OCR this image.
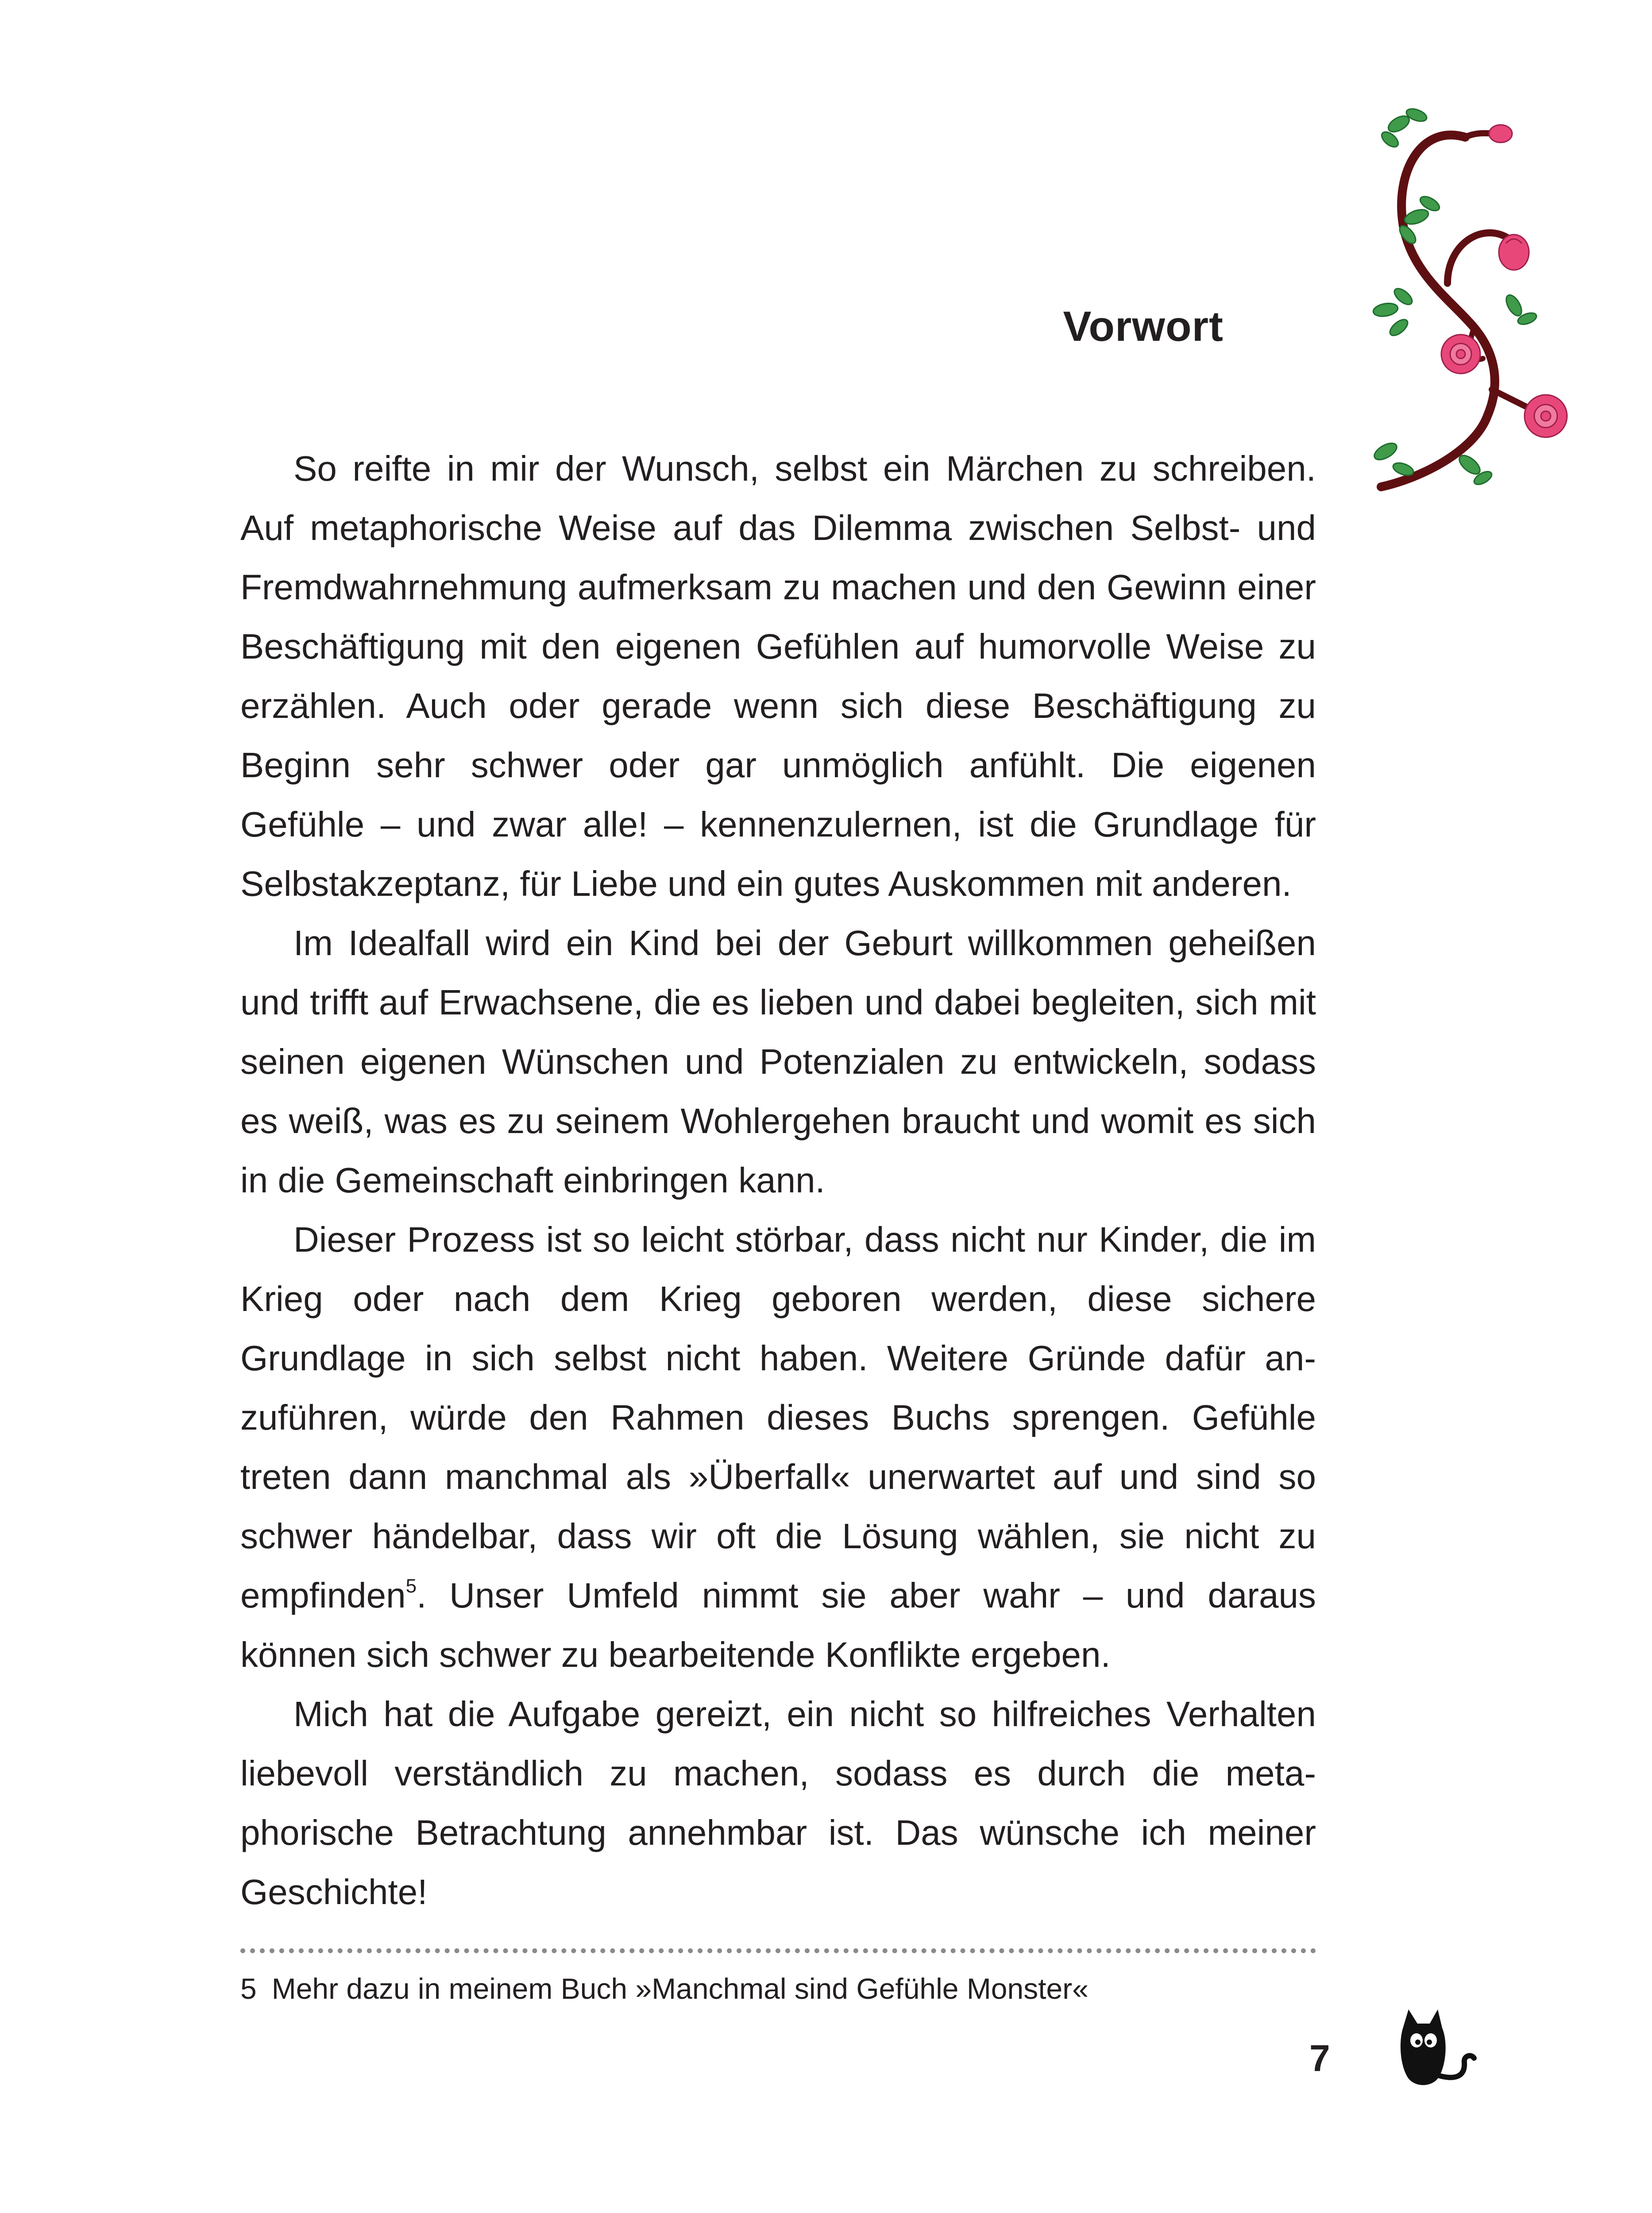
Vorwort

So reifte in mir der Wunsch, selbst ein Märchen zu schreiben. Auf metaphorische Weise auf das Dilemma zwischen Selbst- und Fremdwahrnehmung aufmerksam zu machen und den Gewinn einer Beschäftigung mit den eigenen Gefühlen auf humorvolle Weise zu erzählen. Auch oder gerade wenn sich diese Beschäftigung zu Beginn sehr schwer oder gar unmöglich anfühlt. Die eigenen Gefühle – und zwar alle! – kennenzulernen, ist die Grundlage für Selbstakzeptanz, für Liebe und ein gutes Auskommen mit anderen.

Im Idealfall wird ein Kind bei der Geburt willkommen geheißen und trifft auf Erwachsene, die es lieben und dabei begleiten, sich mit seinen eigenen Wünschen und Potenzialen zu entwickeln, sodass es weiß, was es zu seinem Wohlergehen braucht und womit es sich in die Gemeinschaft einbringen kann.

Dieser Prozess ist so leicht störbar, dass nicht nur Kinder, die im Krieg oder nach dem Krieg geboren werden, diese sichere Grundlage in sich selbst nicht haben. Weitere Gründe dafür anzuführen, würde den Rahmen dieses Buchs sprengen. Gefühle treten dann manchmal als »Überfall« unerwartet auf und sind so schwer händelbar, dass wir oft die Lösung wählen, sie nicht zu empfinden$^5$. Unser Umfeld nimmt sie aber wahr – und daraus können sich schwer zu bearbeitende Konflikte ergeben.

Mich hat die Aufgabe gereizt, ein nicht so hilfreiches Verhalten liebevoll verständlich zu machen, sodass es durch die metaphorische Betrachtung annehmbar ist. Das wünsche ich meiner Geschichte!

5 Mehr dazu in meinem Buch »Manchmal sind Gefühle Monster«
7
